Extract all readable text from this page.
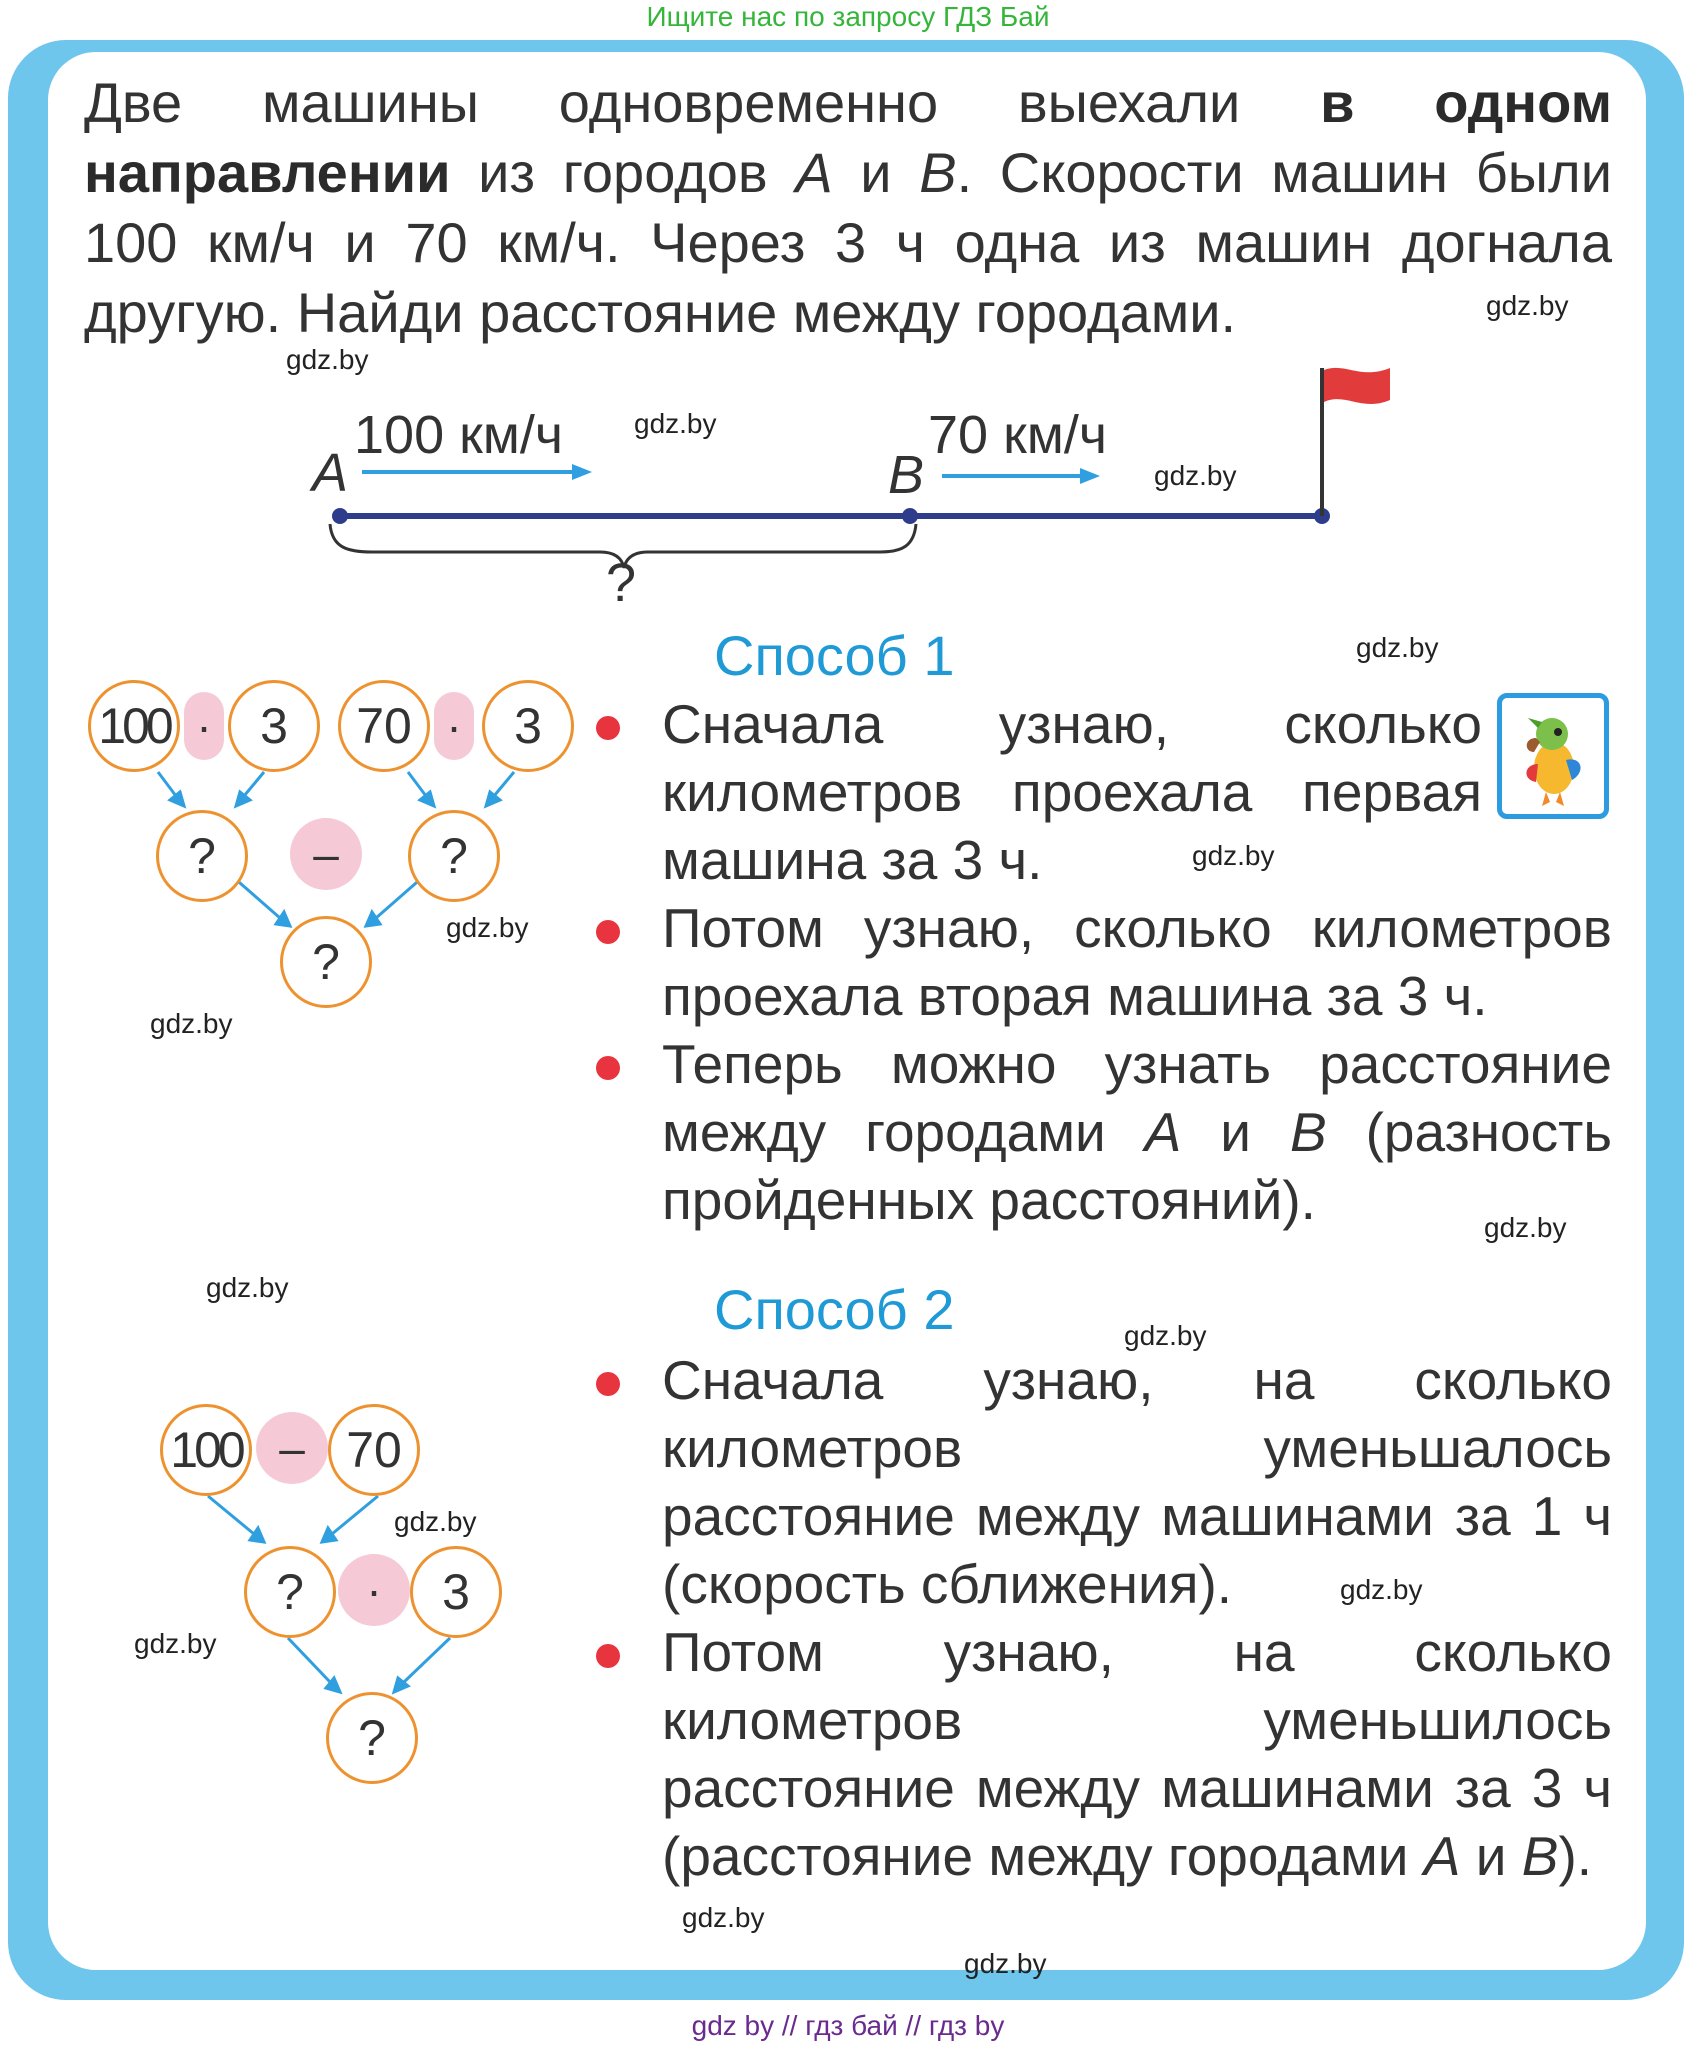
Ищите нас по запросу ГДЗ Бай
Две машины одновременно выехали в одном направлении из городов A и B. Скорости машин были 100 км/ч и 70 км/ч. Через 3 ч одна из машин догнала другую. Найди расстояние между городами.
A
100 км/ч
B
70 км/ч
?
Способ 1
100 · 3	70 ·	3
?	–	?
?
Сначала узнаю, сколько километров проехала первая машина за 3 ч.
Потом узнаю, сколько километров проехала вторая машина за 3 ч.
Теперь можно узнать расстояние между городами A и B (разность пройденных расстояний).
Способ 2
100 – 70
?	·	3
?
Сначала узнаю, на сколько километров уменьшалось расстояние между машинами за 1 ч (скорость сближения).
Потом узнаю, на сколько километров уменьшилось расстояние между машинами за 3 ч (расстояние между городами A и B).
gdz.by
gdz.by
gdz.by
gdz.by
gdz.by
gdz.by
gdz.by
gdz.by
gdz.by
gdz.by
gdz.by
gdz.by
gdz.by
gdz.by
gdz.by
gdz.by
gdz by // гдз бай // гдз by
